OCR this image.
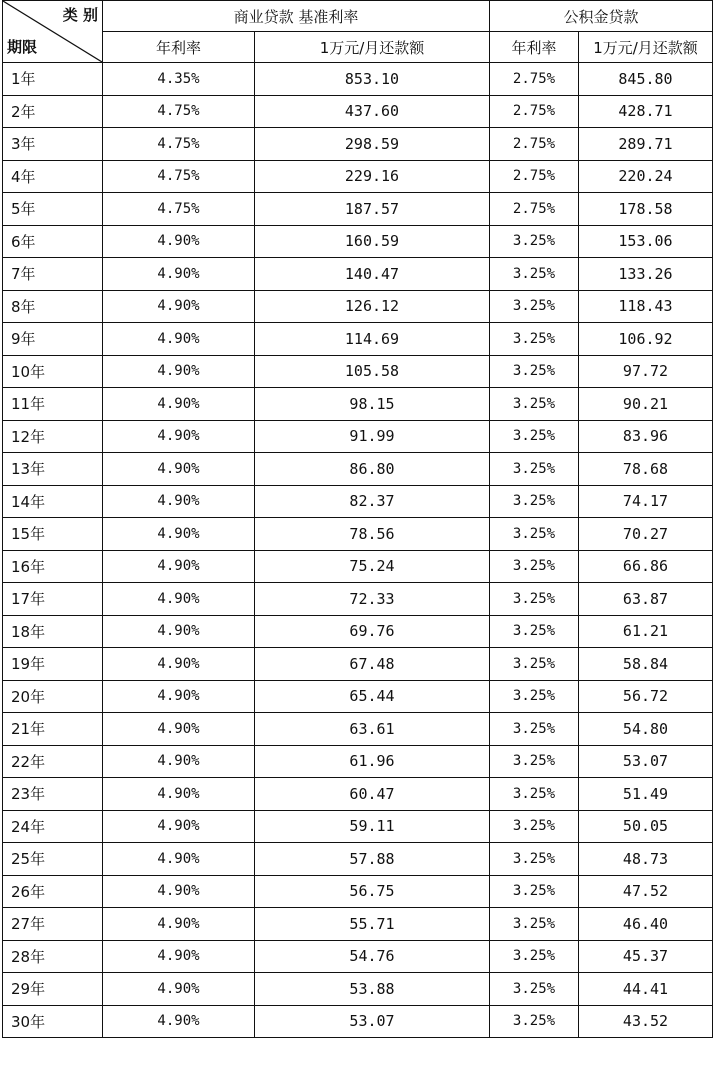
类 别
期限	商业贷款 基准利率		公积金贷款	
	年利率	1万元/月还款额	年利率	1万元/月还款额
1年	4.35%	853.10	2.75%	845.80
2年	4.75%	437.60	2.75%	428.71
3年	4.75%	298.59	2.75%	289.71
4年	4.75%	229.16	2.75%	220.24
5年	4.75%	187.57	2.75%	178.58
6年	4.90%	160.59	3.25%	153.06
7年	4.90%	140.47	3.25%	133.26
8年	4.90%	126.12	3.25%	118.43
9年	4.90%	114.69	3.25%	106.92
10年	4.90%	105.58	3.25%	97.72
11年	4.90%	98.15	3.25%	90.21
12年	4.90%	91.99	3.25%	83.96
13年	4.90%	86.80	3.25%	78.68
14年	4.90%	82.37	3.25%	74.17
15年	4.90%	78.56	3.25%	70.27
16年	4.90%	75.24	3.25%	66.86
17年	4.90%	72.33	3.25%	63.87
18年	4.90%	69.76	3.25%	61.21
19年	4.90%	67.48	3.25%	58.84
20年	4.90%	65.44	3.25%	56.72
21年	4.90%	63.61	3.25%	54.80
22年	4.90%	61.96	3.25%	53.07
23年	4.90%	60.47	3.25%	51.49
24年	4.90%	59.11	3.25%	50.05
25年	4.90%	57.88	3.25%	48.73
26年	4.90%	56.75	3.25%	47.52
27年	4.90%	55.71	3.25%	46.40
28年	4.90%	54.76	3.25%	45.37
29年	4.90%	53.88	3.25%	44.41
30年	4.90%	53.07	3.25%	43.52
